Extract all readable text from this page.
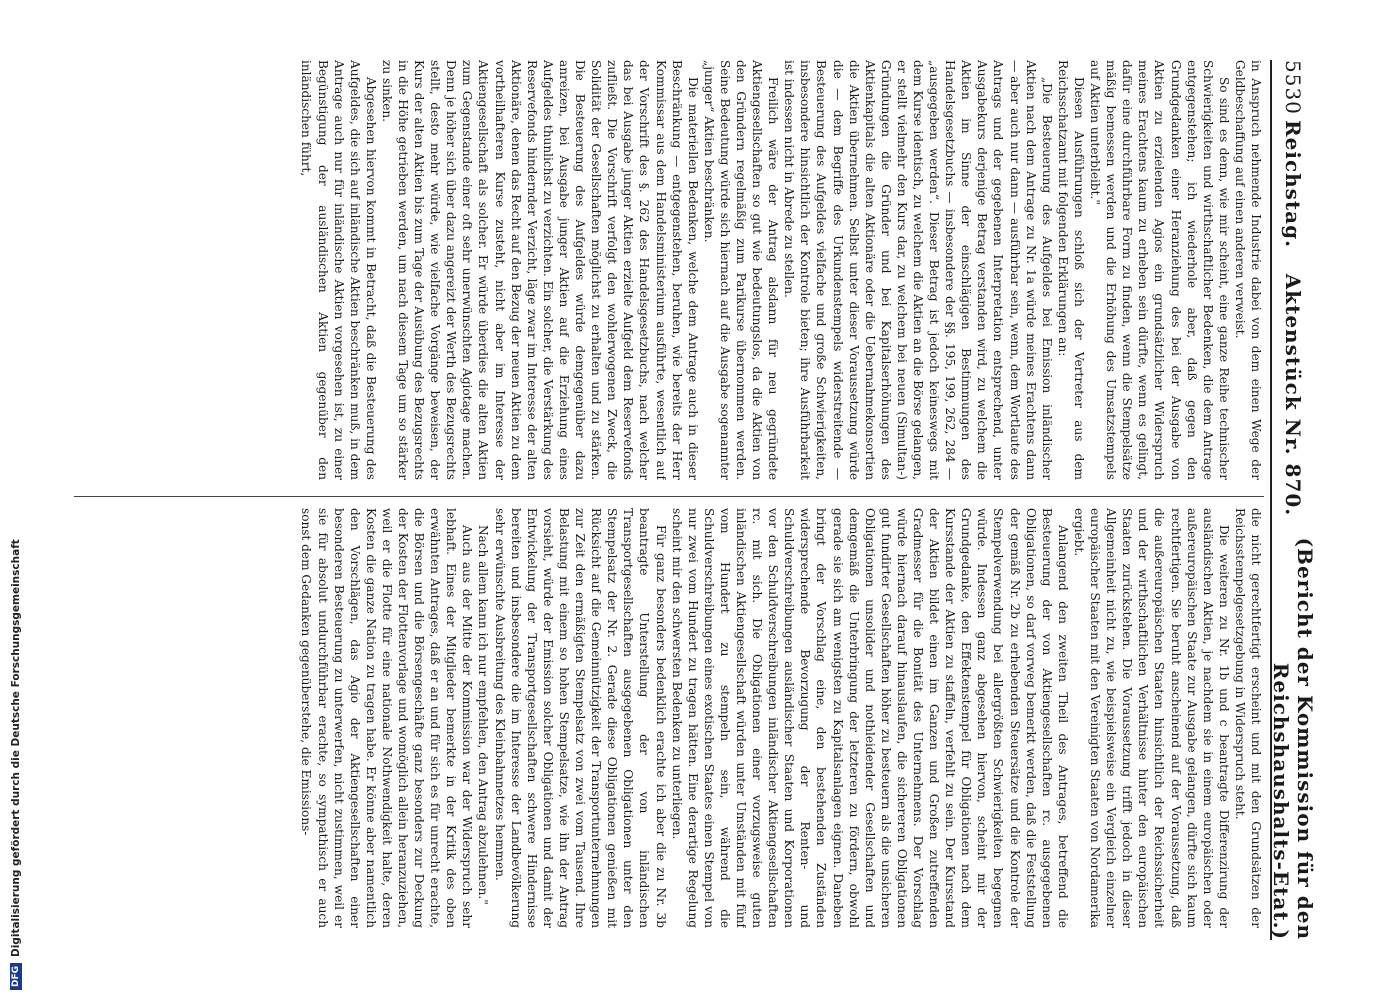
5530
Reichstag.
Aktenstück Nr. 870.
(Bericht der Kommission für den Reichshaushalts-Etat.)

in Anspruch nehmende Industrie dabei von dem einen Wege der Geldbeschaffung auf einen anderen verweist.

So sind es denn, wie mir scheint, eine ganze Reihe technischer Schwierigkeiten und wirthschaftlicher Bedenken, die dem Antrage entgegenstehen; ich wiederhole aber, daß gegen den Grundgedanken einer Heranziehung des bei der Ausgabe von Aktien zu erzielenden Agios ein grundsätzlicher Widerspruch meines Erachtens kaum zu erheben sein dürfte, wenn es gelingt, dafür eine durchführbare Form zu finden, wenn die Stempelsätze mäßig bemessen werden und die Erhöhung des Umsatzstempels auf Aktien unterbleibt."

Diesen Ausführungen schloß sich der Vertreter aus dem Reichsschatzamt mit folgenden Erklärungen an:

„Die Besteuerung des Aufgeldes bei Emission inländischer Aktien nach dem Antrage zu Nr. 1a würde meines Erachtens dann — aber auch nur dann — ausführbar sein, wenn, dem Wortlaute des Antrags und der gegebenen Interpretation entsprechend, unter Ausgabekurs derjenige Betrag verstanden wird, zu welchem die Aktien im Sinne der einschlägigen Bestimmungen des Handelsgesetzbuchs — insbesondere der §§. 195, 199, 262, 284 — „ausgegeben werden“. Dieser Betrag ist jedoch keineswegs mit dem Kurse identisch, zu welchem die Aktien an die Börse gelangen, er stellt vielmehr den Kurs dar, zu welchem bei neuen (Simultan-) Gründungen die Gründer und bei Kapitalserhöhungen des Aktienkapitals die alten Aktionäre oder die Uebernahmekonsortien die Aktien übernehmen. Selbst unter dieser Voraussetzung würde die — dem Begriffe des Urkundenstempels widerstreitende — Besteuerung des Aufgeldes vielfache und große Schwierigkeiten, insbesondere hinsichtlich der Kontrole bieten; ihre Ausführbarkeit ist indessen nicht in Abrede zu stellen.

Freilich wäre der Antrag alsdann für neu gegründete Aktiengesellschaften so gut wie bedeutungslos, da die Aktien von den Gründern regelmäßig zum Parikurse übernommen werden. Seine Bedeutung würde sich hiernach auf die Ausgabe sogenannter „junger“ Aktien beschränken.

Die materiellen Bedenken, welche dem Antrage auch in dieser Beschränkung — entgegenstehen, beruhen, wie bereits der Herr Kommissar aus dem Handelsministerium ausführte, wesentlich auf der Vorschrift des §. 262 des Handelsgesetzbuchs, nach welcher das bei Ausgabe junger Aktien erzielte Aufgeld dem Reservefonds zufließt. Die Vorschrift verfolgt den wohlerwogenen Zweck, die Solidität der Gesellschaften möglichst zu erhalten und zu stärken. Die Besteuerung des Aufgeldes würde demgegenüber dazu anreizen, bei Ausgabe junger Aktien auf die Erziehung eines Aufgeldes thunlichst zu verzichten. Ein solcher, die Verstärkung des Reservefonds hindernder Verzicht, läge zwar im Interesse der alten Aktionäre, denen das Recht auf den Bezug der neuen Aktien zu dem vortheilhafteren Kurse zusteht, nicht aber im Interesse der Aktiengesellschaft als solcher. Er würde überdies die alten Aktien zum Gegenstande einer oft sehr unerwünschten Agiotage machen. Denn je höher sich über dazu angereizt der Werth des Bezugsrechts stellt, desto mehr würde, wie vielfache Vorgänge beweisen, der Kurs der alten Aktien bis zum Tage der Ausübung des Bezugsrechts in die Höhe getrieben werden, um nach diesem Tage um so stärker zu sinken.

Abgesehen hiervon kommt in Betracht, daß die Besteuerung des Aufgeldes, die sich auf inländische Aktien beschränken muß, in dem Antrage auch nur für inländische Aktien vorgesehen ist, zu einer Begünstigung der ausländischen Aktien gegenüber den inländischen führt,

die nicht gerechtfertigt erscheint und mit den Grundsätzen der Reichsstempelgesetzgebung in Widerspruch steht.

Die weiteren zu Nr. 1b und c beantragte Differenzirung der ausländischen Aktien, je nachdem sie in einem europäischen oder außereuropäischen Staate zur Ausgabe gelangen, dürfte sich kaum rechtfertigen. Sie beruht anscheinend auf der Voraussetzung, daß die außereuropäischen Staaten hinsichtlich der Reichssicherheit und der wirthschaftlichen Verhältnisse hinter den europäischen Staaten zurückstehen. Die Voraussetzung trifft jedoch in dieser Allgemeinheit nicht zu, wie beispielsweise ein Vergleich einzelner europäischer Staaten mit den Vereinigten Staaten von Nordamerika ergiebt.

Anlangend den zweiten Theil des Antrages, betreffend die Besteuerung der von Aktiengesellschaften rc. ausgegebenen Obligationen, so darf vorweg bemerkt werden, daß die Feststellung der gemäß Nr. 2b zu erhebenden Steuersätze und die Kontrole der Stempelverwendung bei allergrößten Schwierigkeiten begegnen würde. Indessen ganz abgesehen hiervon, scheint mir der Grundgedanke, den Effektenstempel für Obligationen nach dem Kursstande der Aktien zu staffeln, verfehlt zu sein. Der Kursstand der Aktien bildet einen im Ganzen und Großen zutreffenden Gradmesser für die Bonität des Unternehmens. Der Vorschlag würde hiernach darauf hinauslaufen, die sichereren Obligationen gut fundirter Gesellschaften höher zu besteuern als die unsicheren Obligationen unsolider und nothleidender Gesellschaften und demgemäß die Unterbringung der letzteren zu fördern, obwohl gerade sie sich am wenigsten zu Kapitalsanlagen eignen. Daneben bringt der Vorschlag eine, den bestehenden Zuständen widersprechende Bevorzugung der Renten- und Schuldverschreibungen ausländischer Staaten und Korporationen vor den Schuldverschreibungen inländischer Aktiengesellschaften rc. mit sich. Die Obligationen einer vorzugsweise guten inländischen Aktiengesellschaft würden unter Umständen mit fünf vom Hundert zu stempeln sein, während die Schuldverschreibungen eines exotischen Staates einen Stempel von nur zwei vom Hundert zu tragen hätten. Eine derartige Regelung scheint mir den schwersten Bedenken zu unterliegen.

Für ganz besonders bedenklich erachte ich aber die zu Nr. 3b beantragte Unterstellung der von inländischen Transportgesellschaften ausgegebenen Obligationen unter den Stempelsatz der Nr. 2. Gerade diese Obligationen genießen mit Rücksicht auf die Gemeinnützigkeit der Transportunternehmungen zur Zeit den ermäßigten Stempelsatz von zwei vom Tausend. Ihre Belastung mit einem so hohen Stempelsatze, wie ihn der Antrag vorsieht, würde der Emission solcher Obligationen und damit der Entwickelung der Transportgesellschaften schwere Hindernisse bereiten und insbesondere die im Interesse der Landbevölkerung sehr erwünschte Ausbreitung des Kleinbahnnetzes hemmen.

Nach allem kann ich nur empfehlen, den Antrag abzulehnen."

Auch aus der Mitte der Kommission war der Widerspruch sehr lebhaft. Eines der Mitglieder bemerkte in der Kritik des oben erwähnten Antrages, daß er an und für sich es für unrecht erachte, die Börsen und die Börsengeschäfte ganz besonders zur Deckung der Kosten der Flottenvorlage und womöglich allein heranzuziehen, weil er die Flotte für eine nationale Nothwendigkeit halte, deren Kosten die ganze Nation zu tragen habe. Er könne aber namentlich den Vorschlägen, das Agio der Aktiengesellschaften einer besonderen Besteuerung zu unterwerfen, nicht zustimmen, weil er sie für absolut undurchführbar erachte, so sympathisch er auch sonst dem Gedanken gegenüberstehe, die Emissions-

DFG
Digitalisierung gefördert durch die Deutsche Forschungsgemeinschaft
